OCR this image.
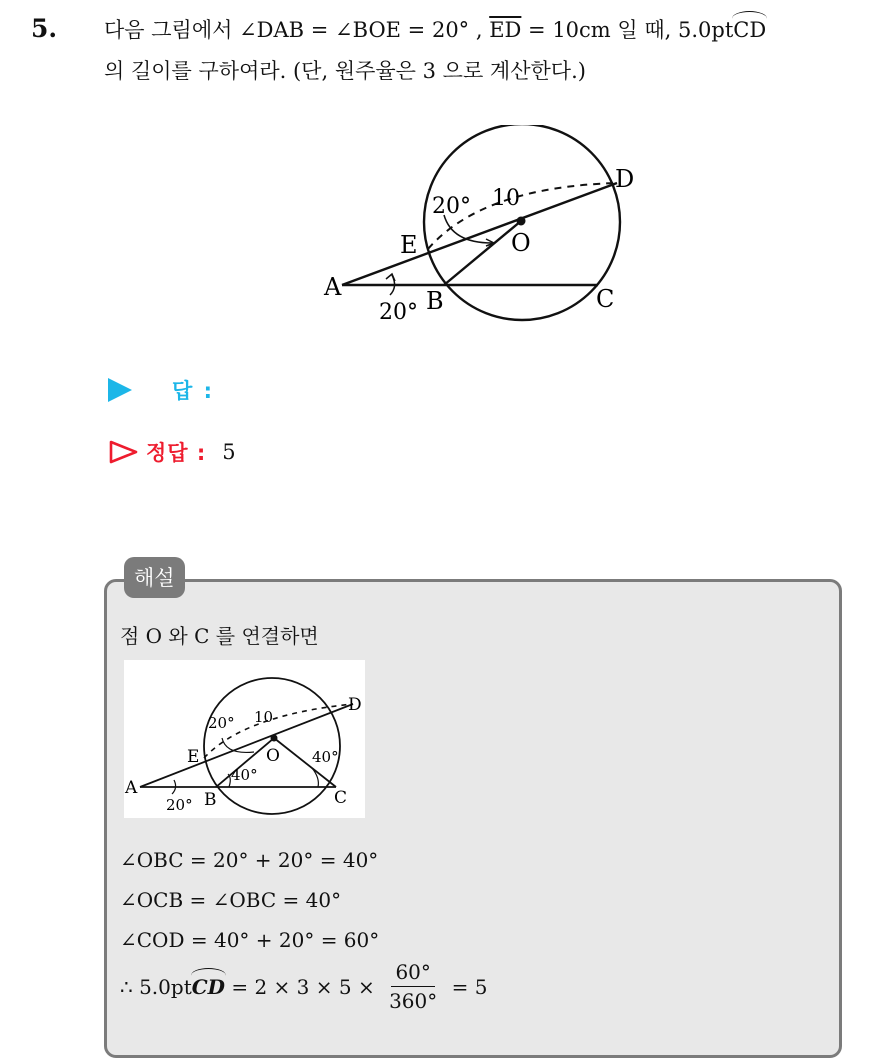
5. 다음 그림에서 ∠DAB = ∠BOE = 20° , $\overline{ED} = 10cm$ 일 때, 5.0ptCD
의 길이를 구하여라. (단, 원주율은 3 으로 계산한다.)
A	B	C
D
E	O
20°
20°
10
답 :
정답 : 5
해설
점 O 와 C 를 연결하면
A
B	C
D
E	O
20° 10
20°
40°
40°
∠OBC = 20° + 20° = 40°
∠OCB = ∠OBC = 40°
∠COD = 40° + 20° = 60°
∴ 5.0pt CD = $2 \times 3 \times 5 \times \frac{60^\circ}{360^\circ} = 5$
